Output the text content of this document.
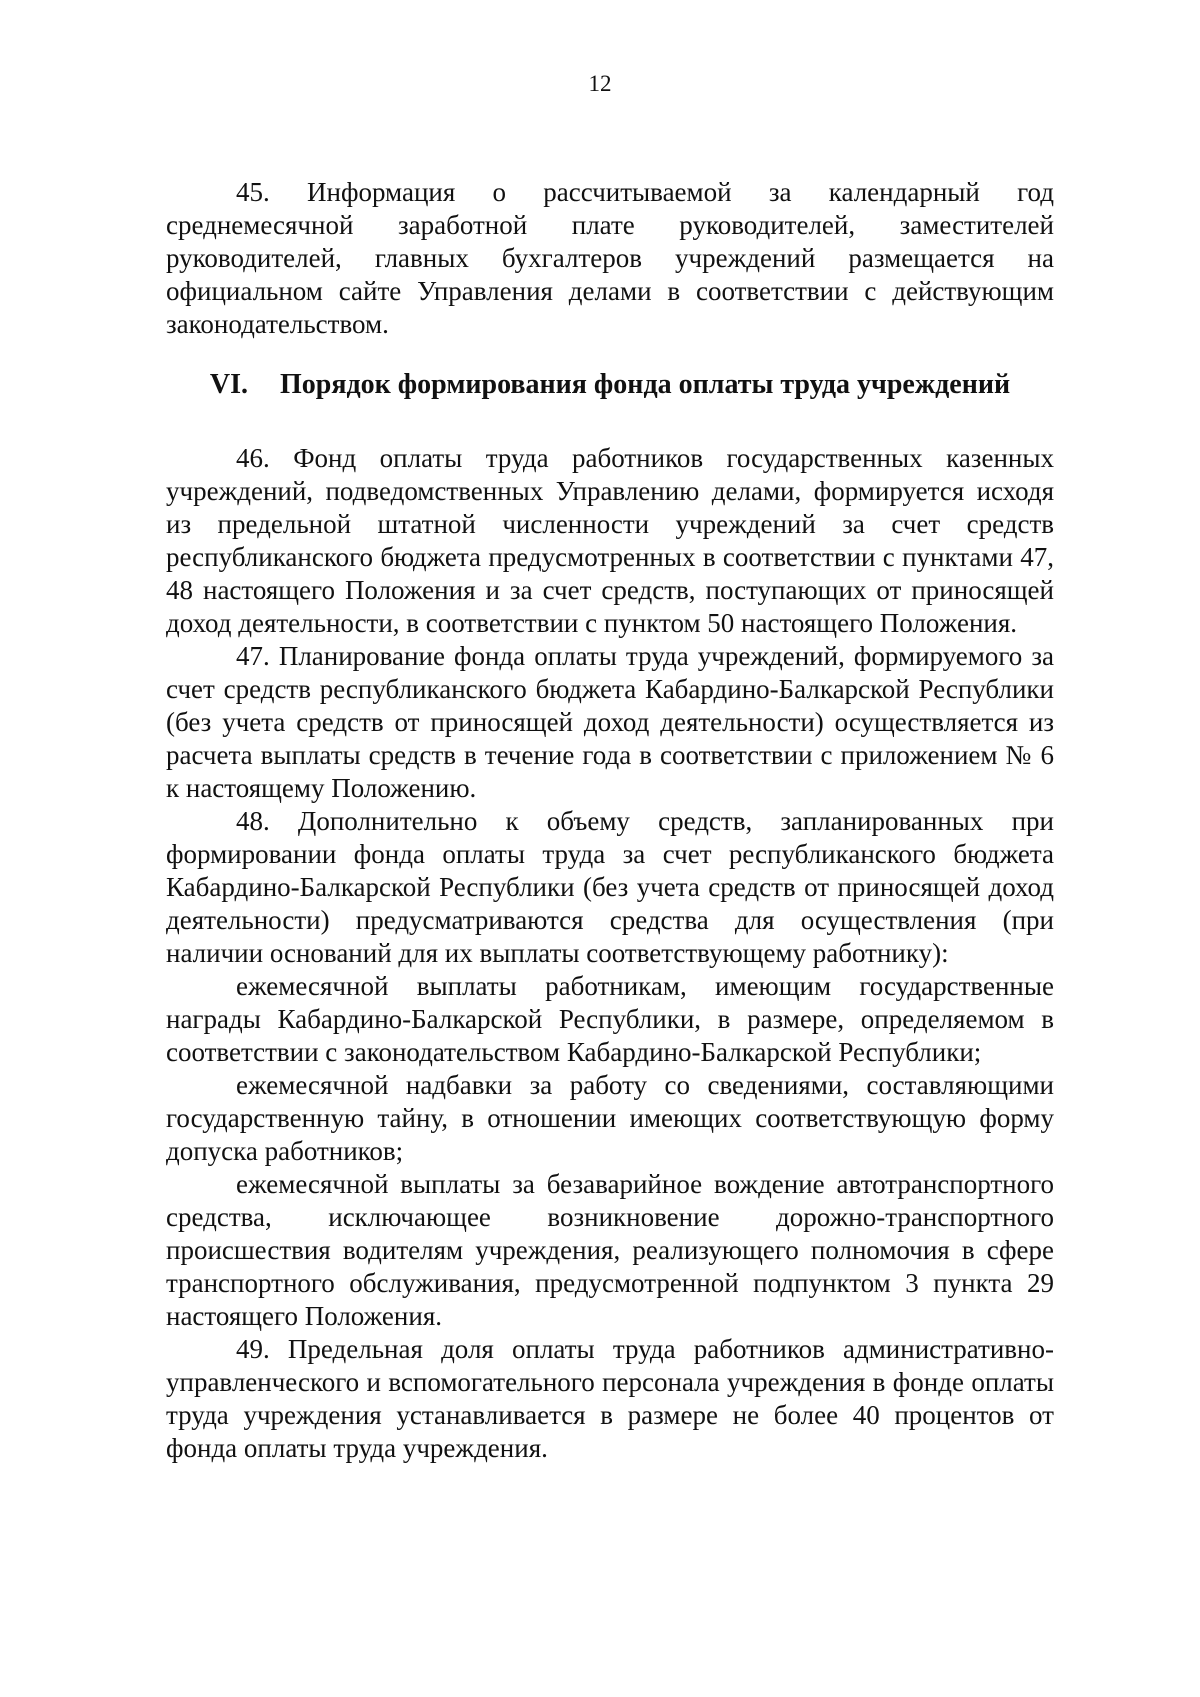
12

45. Информация о рассчитываемой за календарный год среднемесячной заработной плате руководителей, заместителей руководителей, главных бухгалтеров учреждений размещается на официальном сайте Управления делами в соответствии с действующим законодательством.

VI. Порядок формирования фонда оплаты труда учреждений

46. Фонд оплаты труда работников государственных казенных учреждений, подведомственных Управлению делами, формируется исходя из предельной штатной численности учреждений за счет средств республиканского бюджета предусмотренных в соответствии с пунктами 47, 48 настоящего Положения и за счет средств, поступающих от приносящей доход деятельности, в соответствии с пунктом 50 настоящего Положения.

47. Планирование фонда оплаты труда учреждений, формируемого за счет средств республиканского бюджета Кабардино-Балкарской Республики (без учета средств от приносящей доход деятельности) осуществляется из расчета выплаты средств в течение года в соответствии с приложением № 6 к настоящему Положению.

48. Дополнительно к объему средств, запланированных при формировании фонда оплаты труда за счет республиканского бюджета Кабардино-Балкарской Республики (без учета средств от приносящей доход деятельности) предусматриваются средства для осуществления (при наличии оснований для их выплаты соответствующему работнику):

ежемесячной выплаты работникам, имеющим государственные награды Кабардино-Балкарской Республики, в размере, определяемом в соответствии с законодательством Кабардино-Балкарской Республики;

ежемесячной надбавки за работу со сведениями, составляющими государственную тайну, в отношении имеющих соответствующую форму допуска работников;

ежемесячной выплаты за безаварийное вождение автотранспортного средства, исключающее возникновение дорожно-транспортного происшествия водителям учреждения, реализующего полномочия в сфере транспортного обслуживания, предусмотренной подпунктом 3 пункта 29 настоящего Положения.

49. Предельная доля оплаты труда работников административно-управленческого и вспомогательного персонала учреждения в фонде оплаты труда учреждения устанавливается в размере не более 40 процентов от фонда оплаты труда учреждения.
